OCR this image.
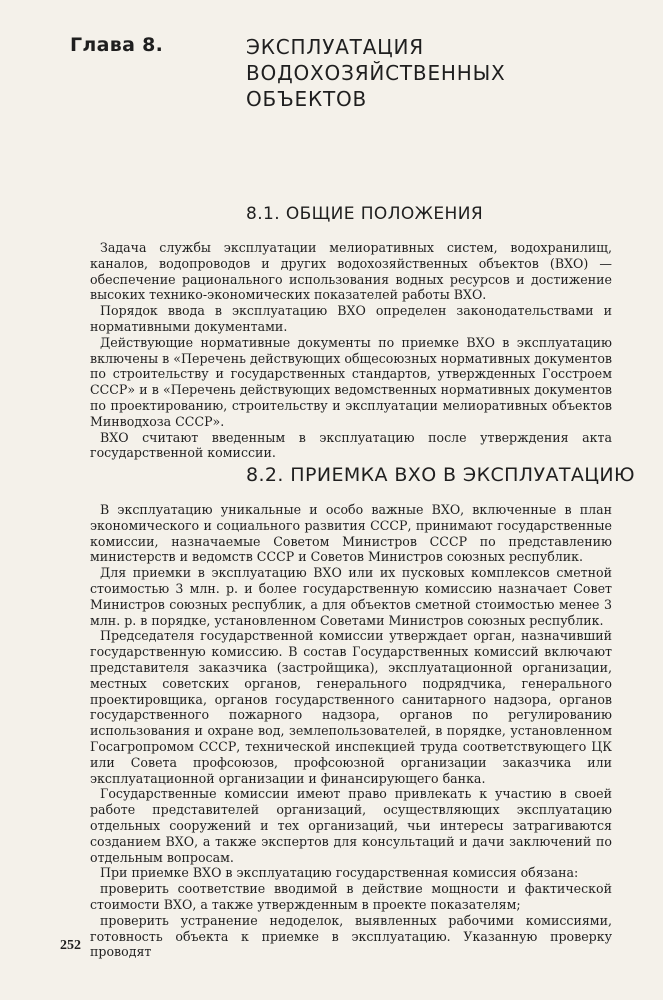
Глава 8.	ЭКСПЛУАТАЦИЯ
ВОДОХОЗЯЙСТВЕННЫХ
ОБЪЕКТОВ
8.1. ОБЩИЕ ПОЛОЖЕНИЯ

Задача службы эксплуатации мелиоративных систем, водохранилищ, каналов, водопроводов и других водохозяйственных объектов (ВХО) — обеспечение рационального использования водных ресурсов и достижение высоких технико-экономических показателей работы ВХО.

Порядок ввода в эксплуатацию ВХО определен законодательствами и нормативными документами.

Действующие нормативные документы по приемке ВХО в эксплуатацию включены в «Перечень действующих общесоюзных нормативных документов по строительству и государственных стандартов, утвержденных Госстроем СССР» и в «Перечень действующих ведомственных нормативных документов по проектированию, строительству и эксплуатации мелиоративных объектов Минводхоза СССР».

ВХО считают введенным в эксплуатацию после утверждения акта государственной комиссии.

8.2. ПРИЕМКА ВХО В ЭКСПЛУАТАЦИЮ

В эксплуатацию уникальные и особо важные ВХО, включенные в план экономического и социального развития СССР, принимают государственные комиссии, назначаемые Советом Министров СССР по представлению министерств и ведомств СССР и Советов Министров союзных республик.

Для приемки в эксплуатацию ВХО или их пусковых комплексов сметной стоимостью 3 млн. р. и более государственную комиссию назначает Совет Министров союзных республик, а для объектов сметной стоимостью менее 3 млн. р. в порядке, установленном Советами Министров союзных республик.

Председателя государственной комиссии утверждает орган, назначивший государственную комиссию. В состав Государственных комиссий включают представителя заказчика (застройщика), эксплуатационной организации, местных советских органов, генерального подрядчика, генерального проектировщика, органов государственного санитарного надзора, органов государственного пожарного надзора, органов по регулированию использования и охране вод, землепользователей, в порядке, установленном Госагропромом СССР, технической инспекцией труда соответствующего ЦК или Совета профсоюзов, профсоюзной организации заказчика или эксплуатационной организации и финансирующего банка.

Государственные комиссии имеют право привлекать к участию в своей работе представителей организаций, осуществляющих эксплуатацию отдельных сооружений и тех организаций, чьи интересы затрагиваются созданием ВХО, а также экспертов для консультаций и дачи заключений по отдельным вопросам.

При приемке ВХО в эксплуатацию государственная комиссия обязана:

проверить соответствие вводимой в действие мощности и фактической стоимости ВХО, а также утвержденным в проекте показателям;

проверить устранение недоделок, выявленных рабочими комиссиями, готовность объекта к приемке в эксплуатацию. Указанную проверку проводят

252
